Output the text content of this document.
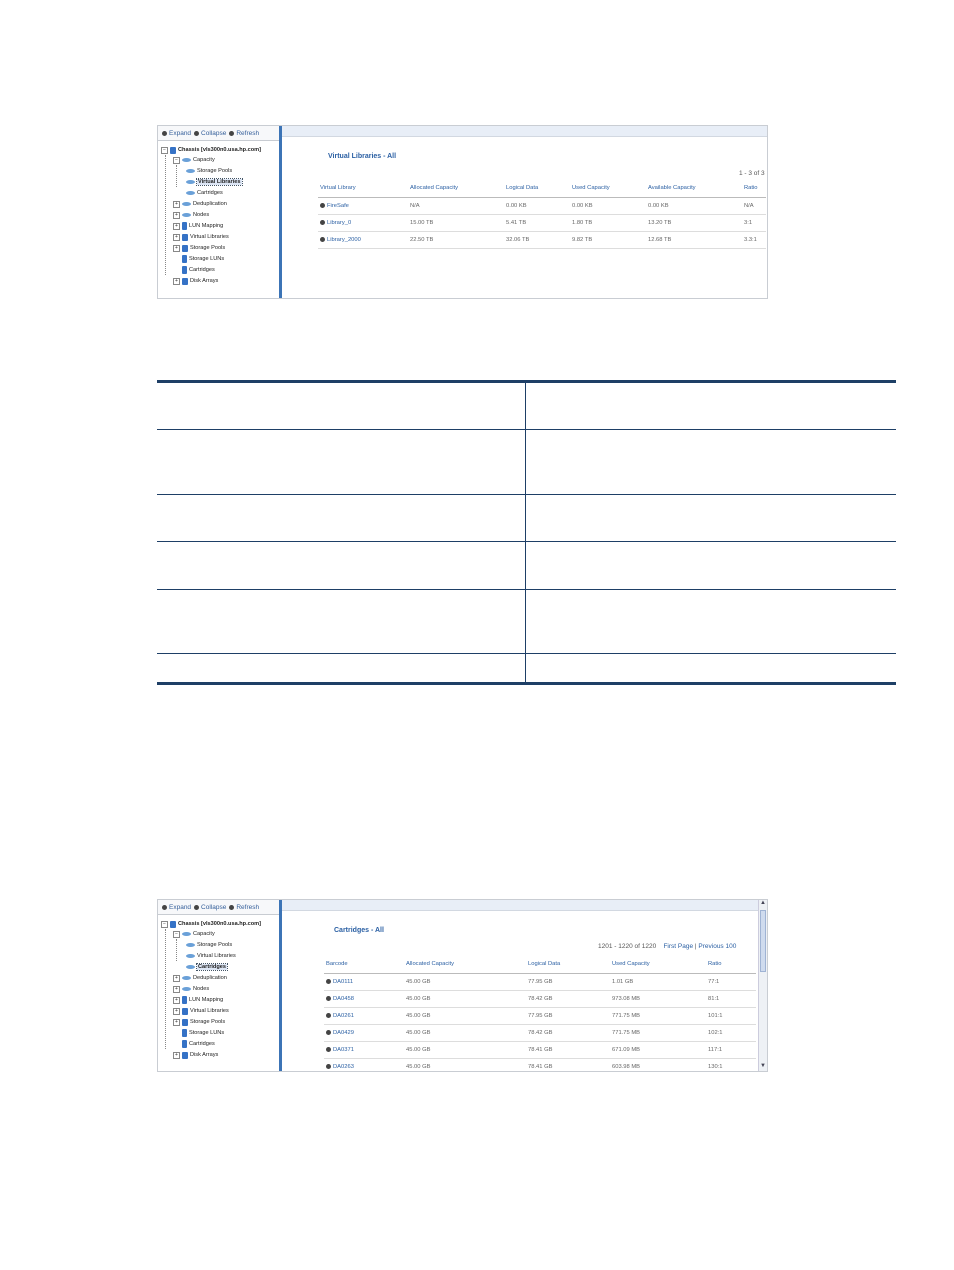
Expand Collapse Refresh
−	Chassis [vls300n0.usa.hp.com]
−	Capacity
Storage Pools
Virtual Libraries
Cartridges
+	Deduplication
+	Nodes
+	LUN Mapping
+	Virtual Libraries
+	Storage Pools
Storage LUNs
Cartridges
+	Disk Arrays
Virtual Libraries - All
1 - 3 of 3
Virtual Library	Allocated Capacity	Logical Data	Used Capacity	Available Capacity	Ratio
FireSafe	N/A	0.00 KB	0.00 KB	0.00 KB	N/A
Library_0	15.00 TB	5.41 TB	1.80 TB	13.20 TB	3:1
Library_2000	22.50 TB	32.06 TB	9.82 TB	12.68 TB	3.3:1
Expand Collapse Refresh
−	Chassis [vls300n0.usa.hp.com]
−	Capacity
Storage Pools
Virtual Libraries
Cartridges
+	Deduplication
+	Nodes
+	LUN Mapping
+	Virtual Libraries
+	Storage Pools
Storage LUNs
Cartridges
+	Disk Arrays
Cartridges - All
1201 - 1220 of 1220 First Page | Previous 100
Barcode	Allocated Capacity	Logical Data	Used Capacity	Ratio
DA0111	45.00 GB	77.95 GB	1.01 GB	77:1
DA0458	45.00 GB	78.42 GB	973.08 MB	81:1
DA0261	45.00 GB	77.95 GB	771.75 MB	101:1
DA0429	45.00 GB	78.42 GB	771.75 MB	102:1
DA0371	45.00 GB	78.41 GB	671.09 MB	117:1
DA0263	45.00 GB	78.41 GB	603.98 MB	130:1
▲
▼
